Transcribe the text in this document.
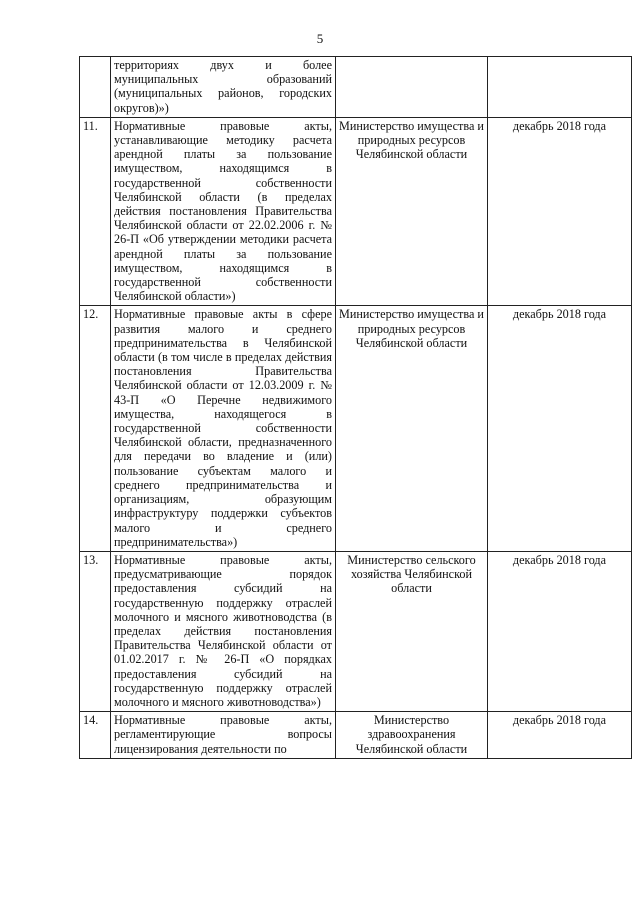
5

	территориях двух и более муниципальных образований (муниципальных районов, городских округов)»)		

11.	Нормативные правовые акты, устанавливающие методику расчета арендной платы за пользование имуществом, находящимся в государственной собственности Челябинской области (в пределах действия постановления Правительства Челябинской области от 22.02.2006 г. № 26-П «Об утверждении методики расчета арендной платы за пользование имуществом, находящимся в государственной собственности Челябинской области»)	Министерство имущества и природных ресурсов Челябинской области	декабрь 2018 года
12.	Нормативные правовые акты в сфере развития малого и среднего предпринимательства в Челябинской области (в том числе в пределах действия постановления Правительства Челябинской области от 12.03.2009 г. № 43-П «О Перечне недвижимого имущества, находящегося в государственной собственности Челябинской области, предназначенного для передачи во владение и (или) пользование субъектам малого и среднего предпринимательства и организациям, образующим инфраструктуру поддержки субъектов малого и среднего предпринимательства»)	Министерство имущества и природных ресурсов Челябинской области	декабрь 2018 года
13.	Нормативные правовые акты, предусматривающие порядок предоставления субсидий на государственную поддержку отраслей молочного и мясного животноводства (в пределах действия постановления Правительства Челябинской области от 01.02.2017 г. № 26-П «О порядках предоставления субсидий на государственную поддержку отраслей молочного и мясного животноводства»)	Министерство сельского хозяйства Челябинской области	декабрь 2018 года
14.	Нормативные правовые акты, регламентирующие вопросы лицензирования деятельности по	Министерство здравоохранения Челябинской области	декабрь 2018 года
